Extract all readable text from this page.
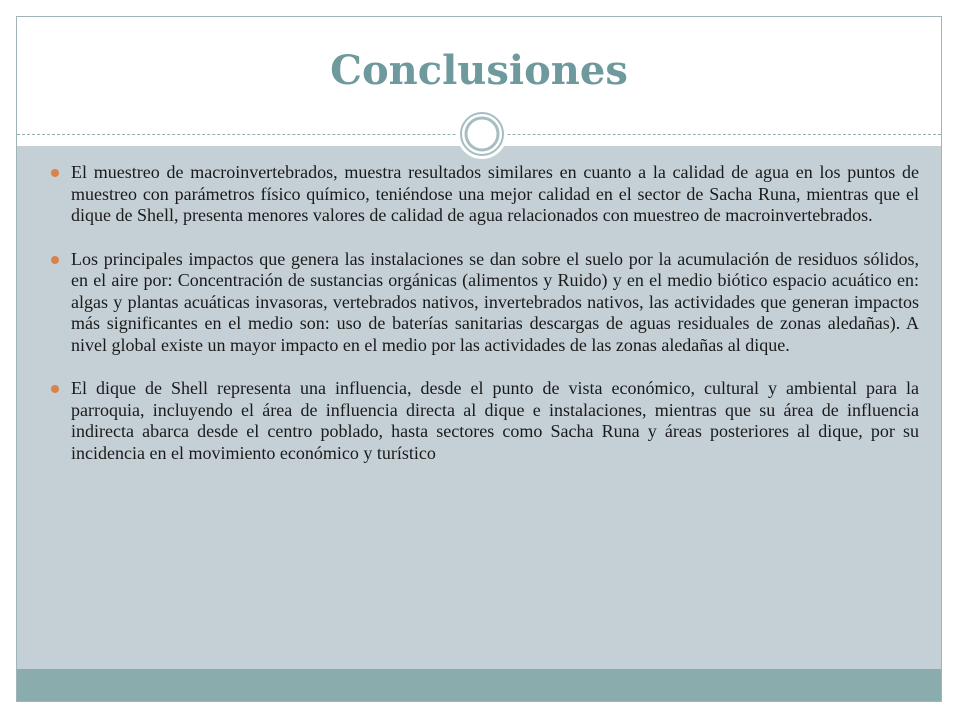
Conclusiones
El muestreo de macroinvertebrados, muestra resultados similares en cuanto a la calidad de agua en los puntos de muestreo con parámetros físico químico, teniéndose una mejor calidad en el sector de Sacha Runa, mientras que el dique de Shell, presenta menores valores de calidad de agua relacionados con muestreo de macroinvertebrados.
Los principales impactos que genera las instalaciones se dan sobre el suelo por la acumulación de residuos sólidos, en el aire por: Concentración de sustancias orgánicas (alimentos y Ruido) y en el medio biótico espacio acuático en: algas y plantas acuáticas invasoras, vertebrados nativos, invertebrados nativos, las actividades que generan impactos más significantes en el medio son: uso de baterías sanitarias descargas de aguas residuales de zonas aledañas). A nivel global existe un mayor impacto en el medio por las actividades de las zonas aledañas al dique.
El dique de Shell representa una influencia, desde el punto de vista económico, cultural y ambiental para la parroquia, incluyendo el área de influencia directa al dique e instalaciones, mientras que su área de influencia indirecta abarca desde el centro poblado, hasta sectores como Sacha Runa y áreas posteriores al dique, por su incidencia en el movimiento económico y turístico
